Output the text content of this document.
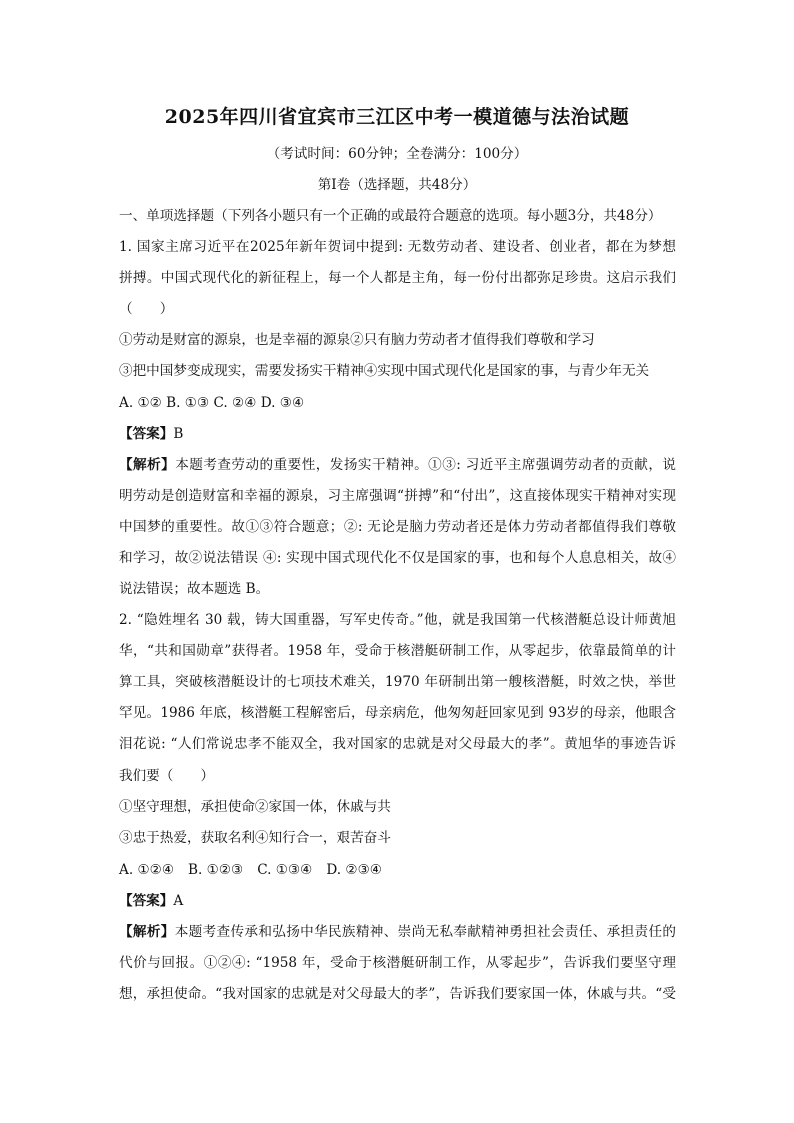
2025年四川省宜宾市三江区中考一模道德与法治试题
（考试时间：60分钟；全卷满分：100分）
第Ⅰ卷（选择题，共48分）
一、单项选择题（下列各小题只有一个正确的或最符合题意的选项。每小题3分，共48分）
1. 国家主席习近平在2025年新年贺词中提到: 无数劳动者、建设者、创业者，都在为梦想
拼搏。中国式现代化的新征程上，每一个人都是主角，每一份付出都弥足珍贵。这启示我们
（　　）
①劳动是财富的源泉，也是幸福的源泉②只有脑力劳动者才值得我们尊敬和学习
③把中国梦变成现实，需要发扬实干精神④实现中国式现代化是国家的事，与青少年无关
A. ①② B. ①③ C. ②④ D. ③④
【答案】B
【解析】本题考查劳动的重要性，发扬实干精神。①③: 习近平主席强调劳动者的贡献，说
明劳动是创造财富和幸福的源泉，习主席强调“拼搏”和“付出”，这直接体现实干精神对实现
中国梦的重要性。故①③符合题意；②: 无论是脑力劳动者还是体力劳动者都值得我们尊敬
和学习，故②说法错误 ④: 实现中国式现代化不仅是国家的事，也和每个人息息相关，故④
说法错误；故本题选 B。
2. “隐姓埋名 30 载，铸大国重器，写军史传奇。”他，就是我国第一代核潜艇总设计师黄旭
华，“共和国勋章”获得者。1958 年，受命于核潜艇研制工作，从零起步，依靠最简单的计
算工具，突破核潜艇设计的七项技术难关，1970 年研制出第一艘核潜艇，时效之快，举世
罕见。1986 年底，核潜艇工程解密后，母亲病危，他匆匆赶回家见到 93岁的母亲，他眼含
泪花说: “人们常说忠孝不能双全，我对国家的忠就是对父母最大的孝”。黄旭华的事迹告诉
我们要（　　）
①坚守理想，承担使命②家国一体，休戚与共
③忠于热爱，获取名利④知行合一，艰苦奋斗
A. ①②④ B. ①②③ C. ①③④ D. ②③④
【答案】A
【解析】本题考查传承和弘扬中华民族精神、崇尚无私奉献精神勇担社会责任、承担责任的
代价与回报。①②④: “1958 年，受命于核潜艇研制工作，从零起步”，告诉我们要坚守理
想，承担使命。“我对国家的忠就是对父母最大的孝”，告诉我们要家国一体，休戚与共。“受
